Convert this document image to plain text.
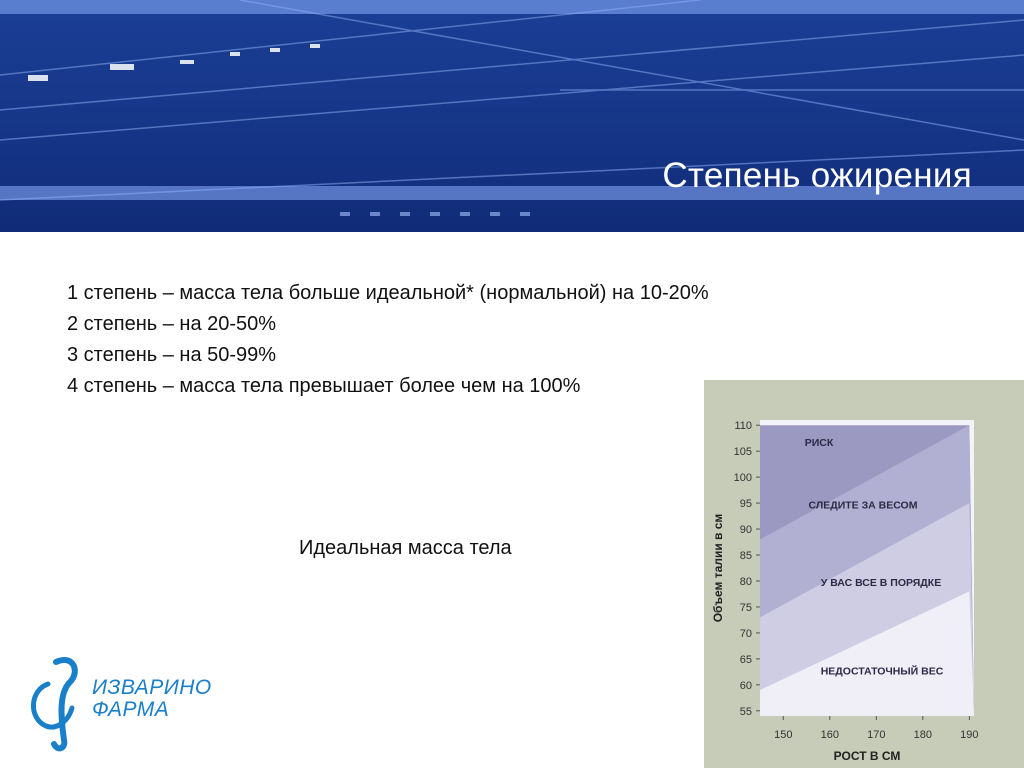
Степень ожирения
1 степень – масса тела больше идеальной* (нормальной) на 10-20%
2 степень – на 20-50%
3 степень – на 50-99%
4 степень – масса тела превышает более чем на 100%
Идеальная масса тела
ИЗВАРИНО
ФАРМА	55
60
65
70
75
80
85
90
95
100
105
110
150	160	170	180	190
РОСТ В СМ
Объем талии в см
НЕДОСТАТОЧНЫЙ ВЕС
У ВАС ВСЕ В ПОРЯДКЕ
СЛЕДИТЕ ЗА ВЕСОМ
РИСК
